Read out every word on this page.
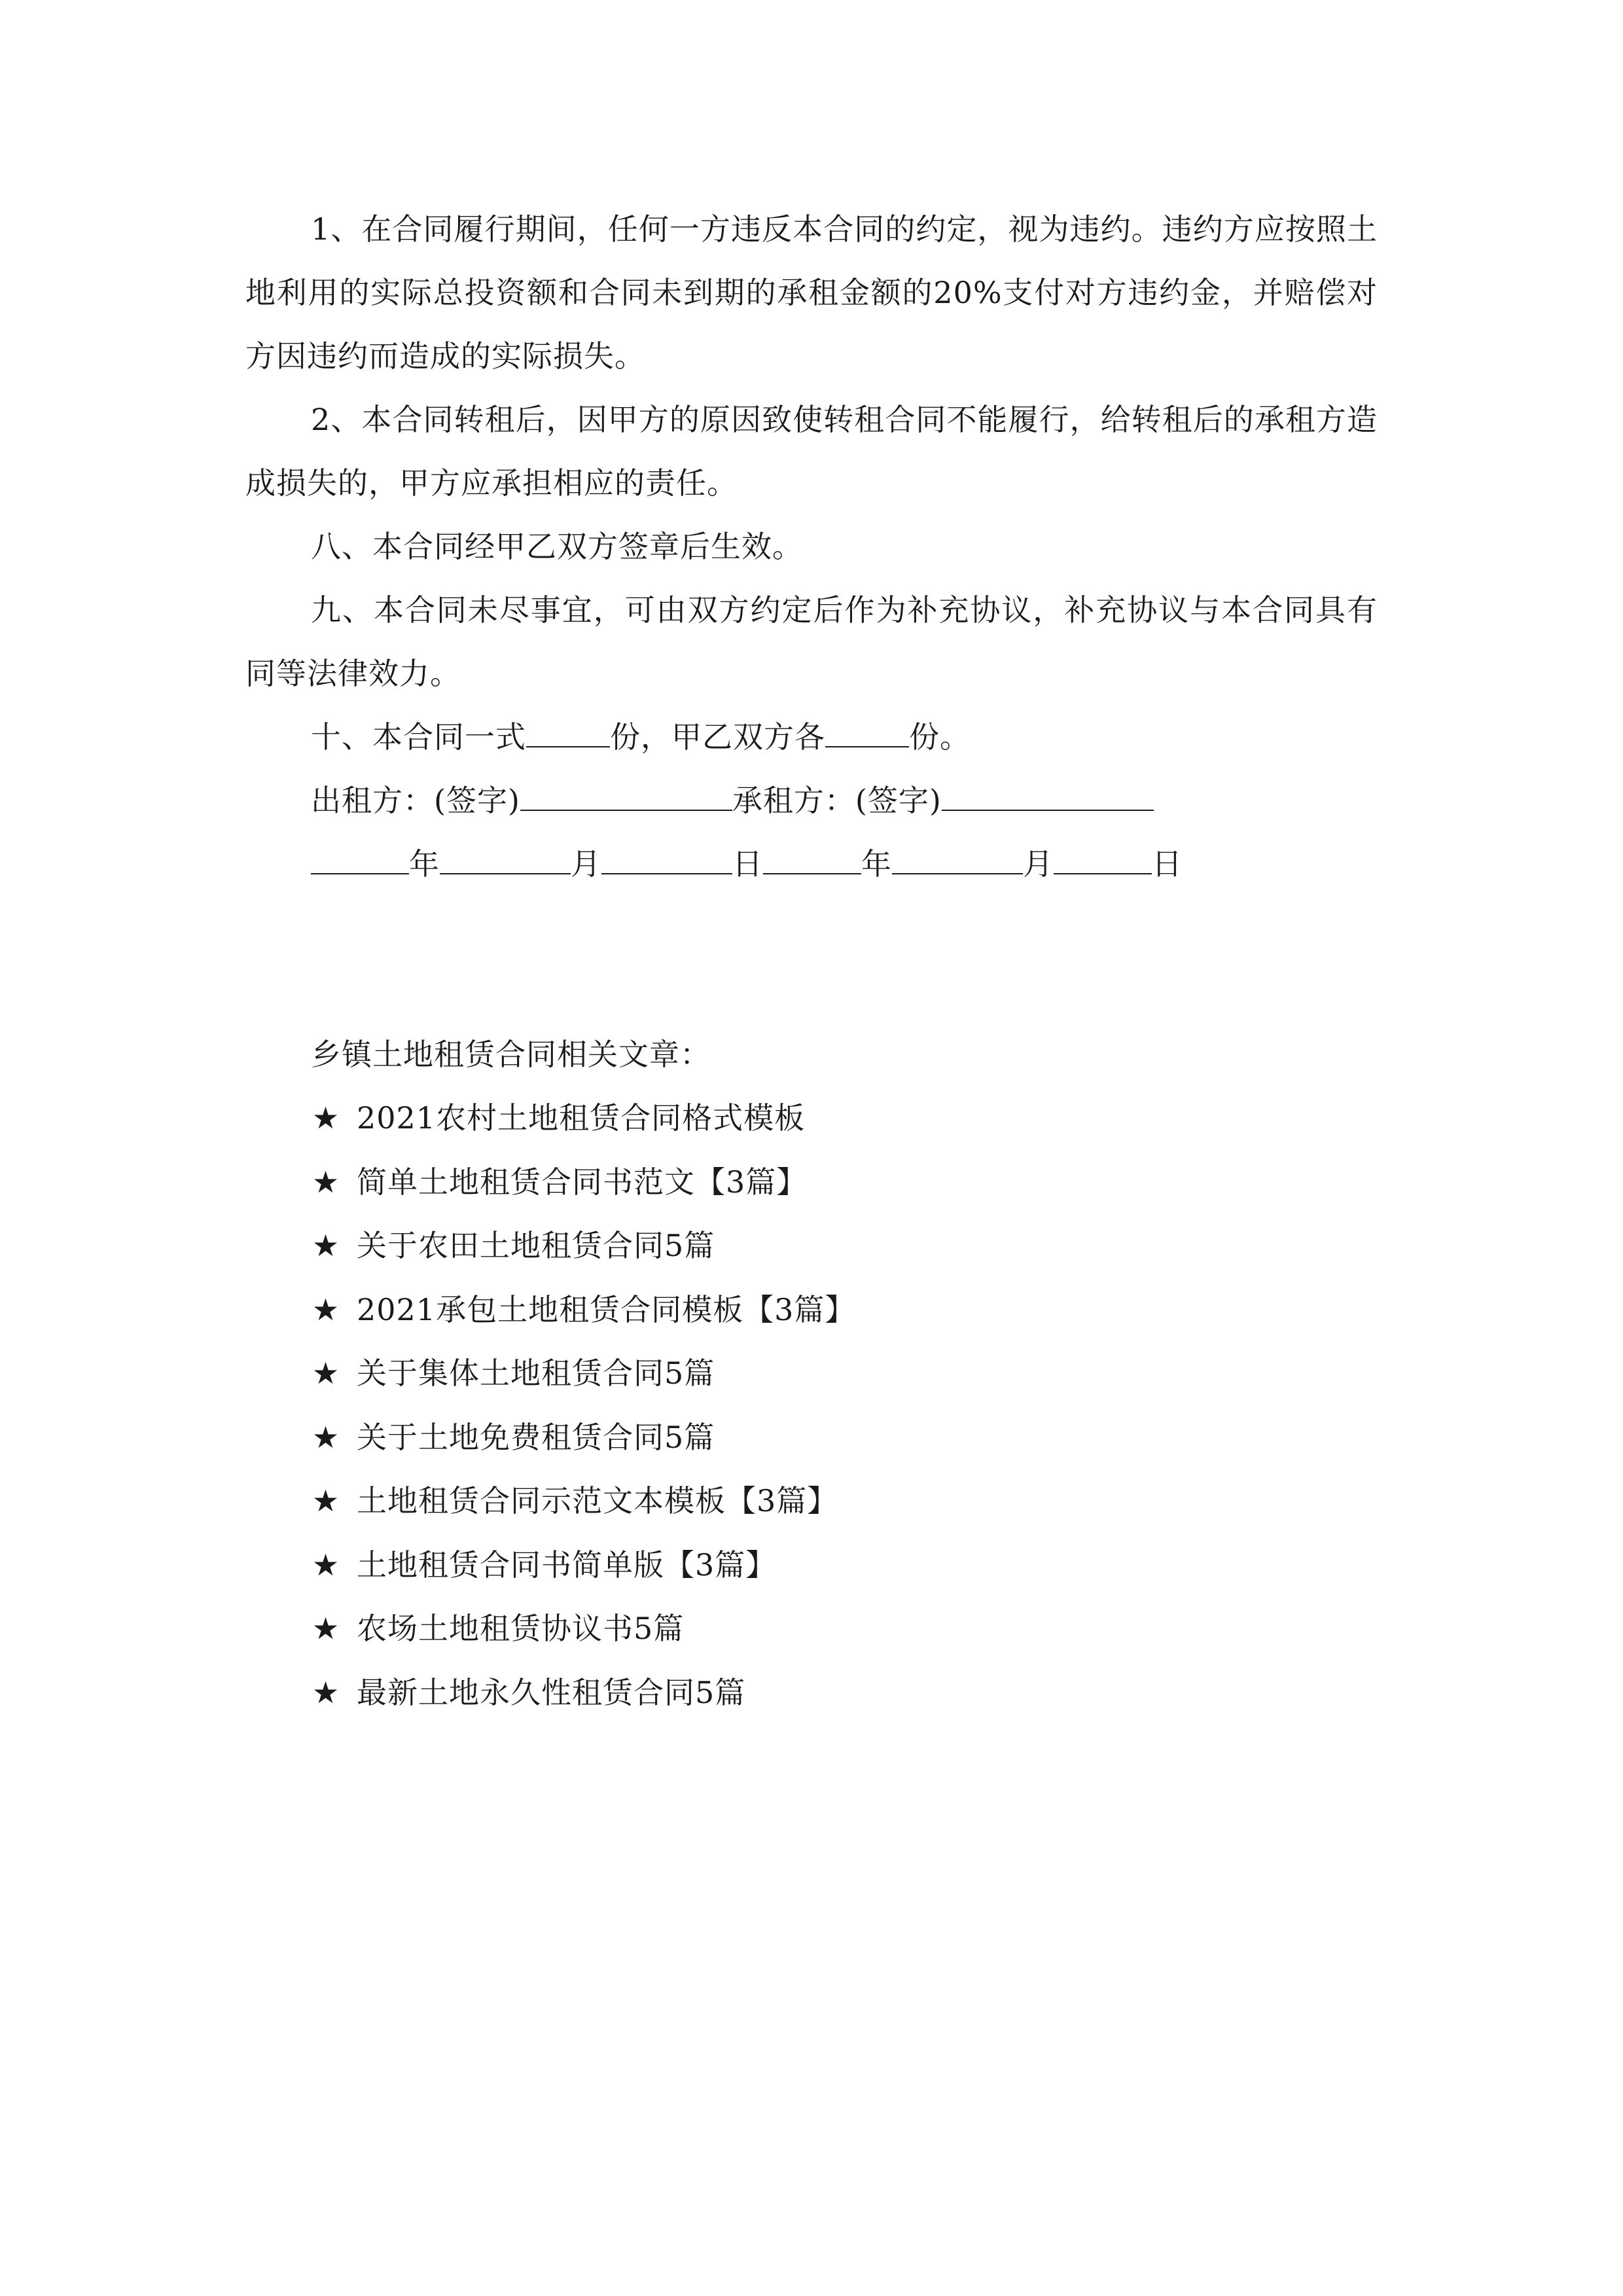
1、在合同履行期间，任何一方违反本合同的约定，视为违约。违约方应按照土地利用的实际总投资额和合同未到期的承租金额的20%支付对方违约金，并赔偿对方因违约而造成的实际损失。

2、本合同转租后，因甲方的原因致使转租合同不能履行，给转租后的承租方造成损失的，甲方应承担相应的责任。

八、本合同经甲乙双方签章后生效。

九、本合同未尽事宜，可由双方约定后作为补充协议，补充协议与本合同具有同等法律效力。

十、本合同一式	份，甲乙双方各	份。

出租方：(签字)	承租方：(签字)

年	月	日	年	月	日

乡镇土地租赁合同相关文章：

★ 2021农村土地租赁合同格式模板
★ 简单土地租赁合同书范文【3篇】
★ 关于农田土地租赁合同5篇
★ 2021承包土地租赁合同模板【3篇】
★ 关于集体土地租赁合同5篇
★ 关于土地免费租赁合同5篇
★ 土地租赁合同示范文本模板【3篇】
★ 土地租赁合同书简单版【3篇】
★ 农场土地租赁协议书5篇
★ 最新土地永久性租赁合同5篇
